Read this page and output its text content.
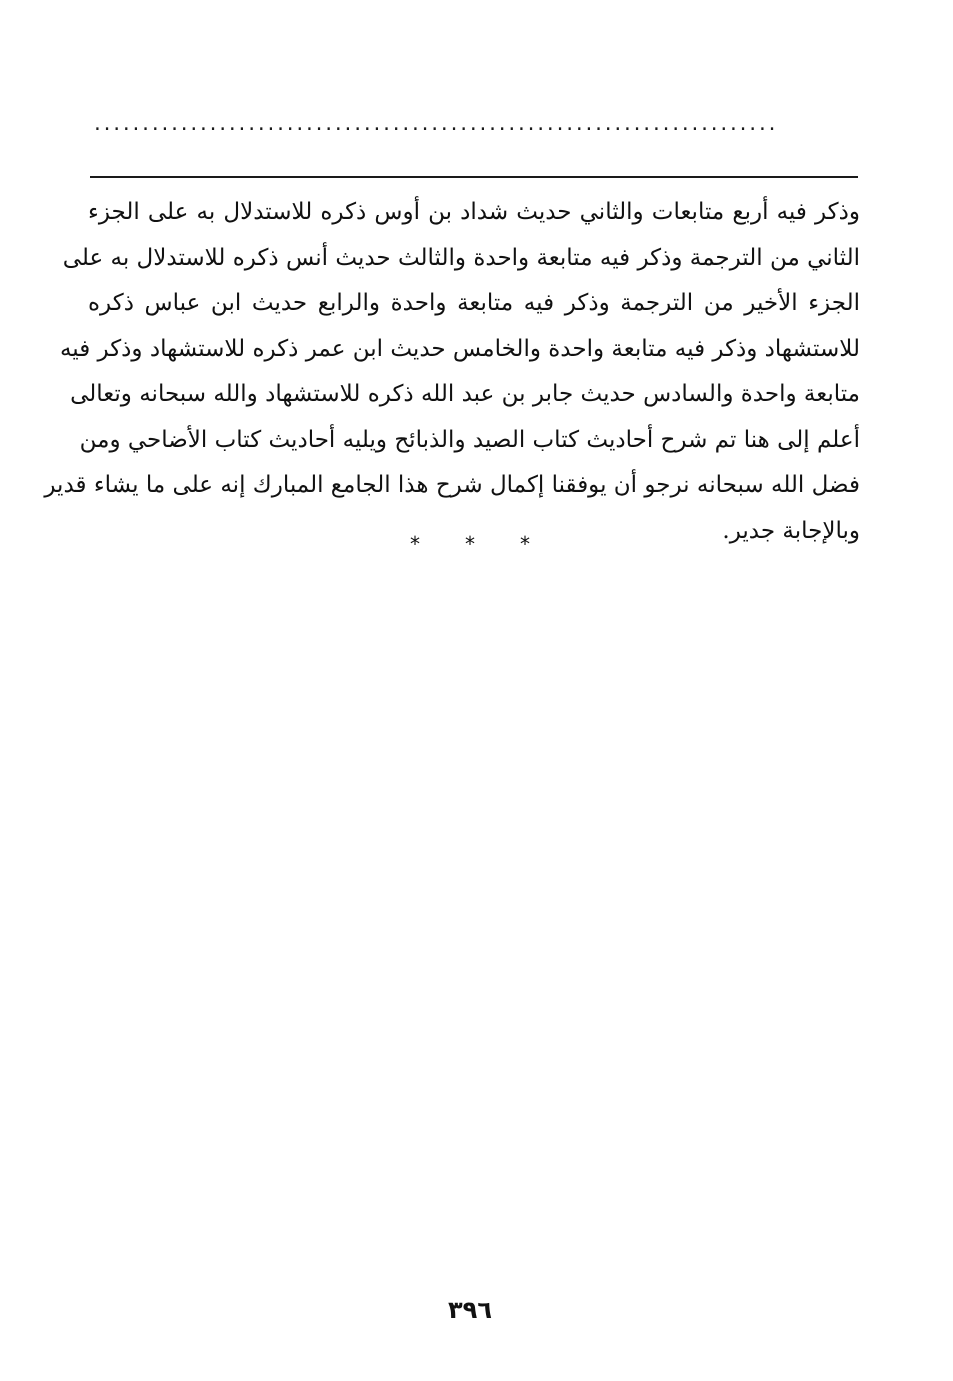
.......................................................................
وذكر فيه أربع متابعات والثاني حديث شداد بن أوس ذكره للاستدلال به على الجزء
الثاني من الترجمة وذكر فيه متابعة واحدة والثالث حديث أنس ذكره للاستدلال به على
الجزء الأخير من الترجمة وذكر فيه متابعة واحدة والرابع حديث ابن عباس ذكره
للاستشهاد وذكر فيه متابعة واحدة والخامس حديث ابن عمر ذكره للاستشهاد وذكر فيه
متابعة واحدة والسادس حديث جابر بن عبد الله ذكره للاستشهاد والله سبحانه وتعالى
أعلم إلى هنا تم شرح أحاديث كتاب الصيد والذبائح ويليه أحاديث كتاب الأضاحي ومن
فضل الله سبحانه نرجو أن يوفقنا إكمال شرح هذا الجامع المبارك إنه على ما يشاء قدير
وبالإجابة جدير.
*	*	*
٣٩٦
